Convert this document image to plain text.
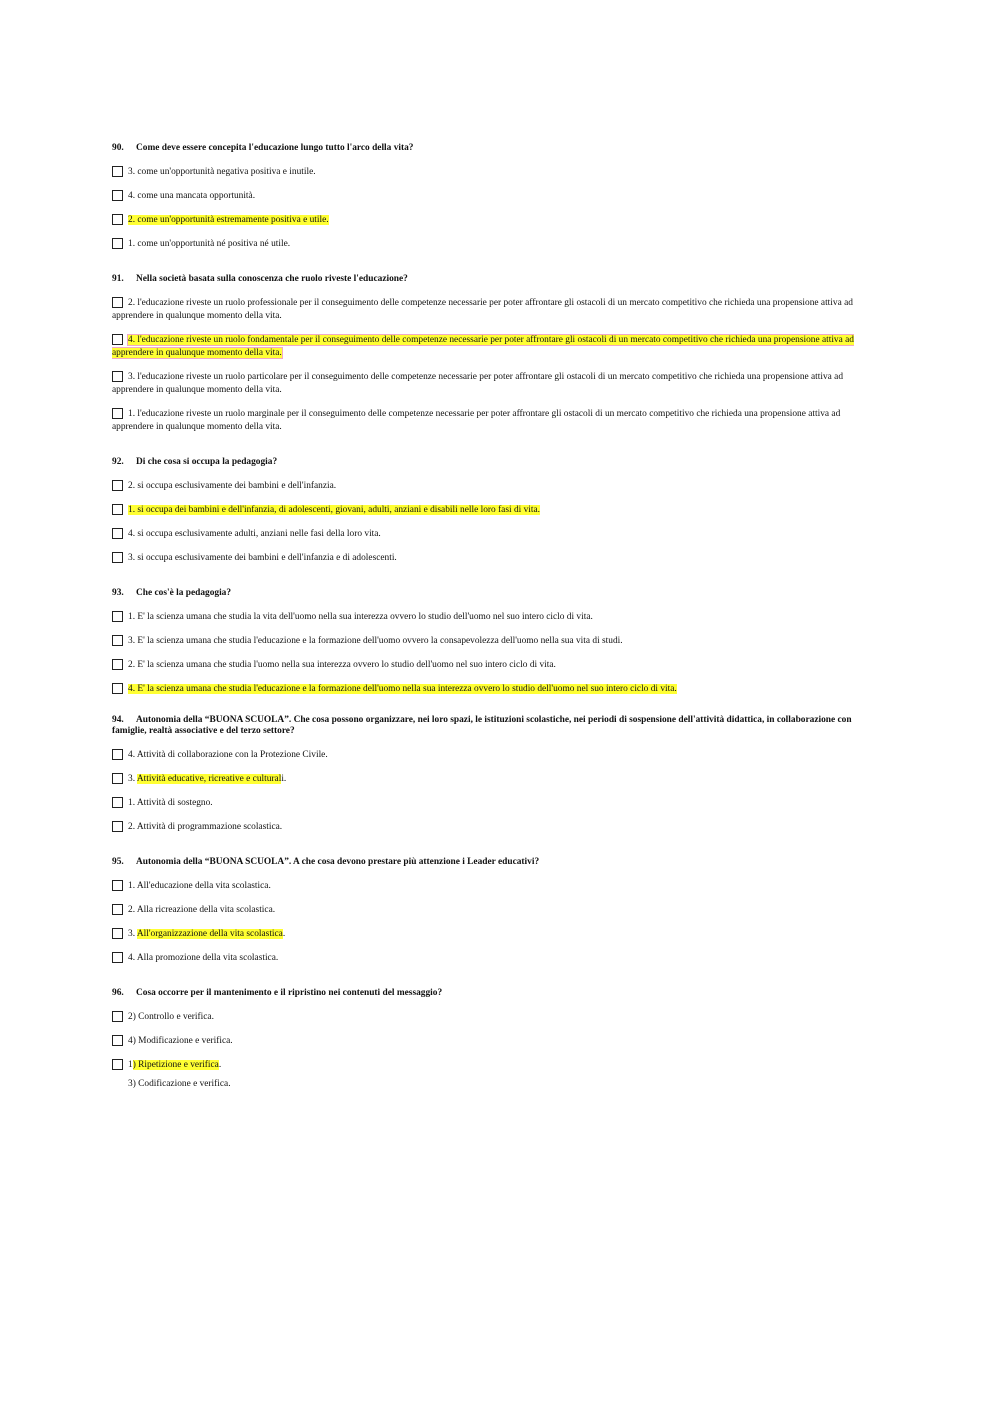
90. Come deve essere concepita l'educazione lungo tutto l'arco della vita?

3. come un'opportunità negativa positiva e inutile.
4. come una mancata opportunità.
2. come un'opportunità estremamente positiva e utile.
1. come un'opportunità né positiva né utile.

91. Nella società basata sulla conoscenza che ruolo riveste l'educazione?

2. l'educazione riveste un ruolo professionale per il conseguimento delle competenze necessarie per poter affrontare gli ostacoli di un mercato competitivo che richieda una propensione attiva ad apprendere in qualunque momento della vita.
4. l'educazione riveste un ruolo fondamentale per il conseguimento delle competenze necessarie per poter affrontare gli ostacoli di un mercato competitivo che richieda una propensione attiva ad apprendere in qualunque momento della vita.
3. l'educazione riveste un ruolo particolare per il conseguimento delle competenze necessarie per poter affrontare gli ostacoli di un mercato competitivo che richieda una propensione attiva ad apprendere in qualunque momento della vita.
1. l'educazione riveste un ruolo marginale per il conseguimento delle competenze necessarie per poter affrontare gli ostacoli di un mercato competitivo che richieda una propensione attiva ad apprendere in qualunque momento della vita.

92. Di che cosa si occupa la pedagogia?

2. si occupa esclusivamente dei bambini e dell'infanzia.
1. si occupa dei bambini e dell'infanzia, di adolescenti, giovani, adulti, anziani e disabili nelle loro fasi di vita.
4. si occupa esclusivamente adulti, anziani nelle fasi della loro vita.
3. si occupa esclusivamente dei bambini e dell'infanzia e di adolescenti.

93. Che cos'è la pedagogia?

1. E' la scienza umana che studia la vita dell'uomo nella sua interezza ovvero lo studio dell'uomo nel suo intero ciclo di vita.
3. E' la scienza umana che studia l'educazione e la formazione dell'uomo ovvero la consapevolezza dell'uomo nella sua vita di studi.
2. E' la scienza umana che studia l'uomo nella sua interezza ovvero lo studio dell'uomo nel suo intero ciclo di vita.
4. E' la scienza umana che studia l'educazione e la formazione dell'uomo nella sua interezza ovvero lo studio dell'uomo nel suo intero ciclo di vita.

94. Autonomia della “BUONA SCUOLA”. Che cosa possono organizzare, nei loro spazi, le istituzioni scolastiche, nei periodi di sospensione dell'attività didattica, in collaborazione con famiglie, realtà associative e del terzo settore?

4. Attività di collaborazione con la Protezione Civile.
3. Attività educative, ricreative e culturali.
1. Attività di sostegno.
2. Attività di programmazione scolastica.

95. Autonomia della “BUONA SCUOLA”. A che cosa devono prestare più attenzione i Leader educativi?

1. All'educazione della vita scolastica.
2. Alla ricreazione della vita scolastica.
3. All'organizzazione della vita scolastica.
4. Alla promozione della vita scolastica.

96. Cosa occorre per il mantenimento e il ripristino nei contenuti del messaggio?

2) Controllo e verifica.
4) Modificazione e verifica.
1) Ripetizione e verifica.
3) Codificazione e verifica.
